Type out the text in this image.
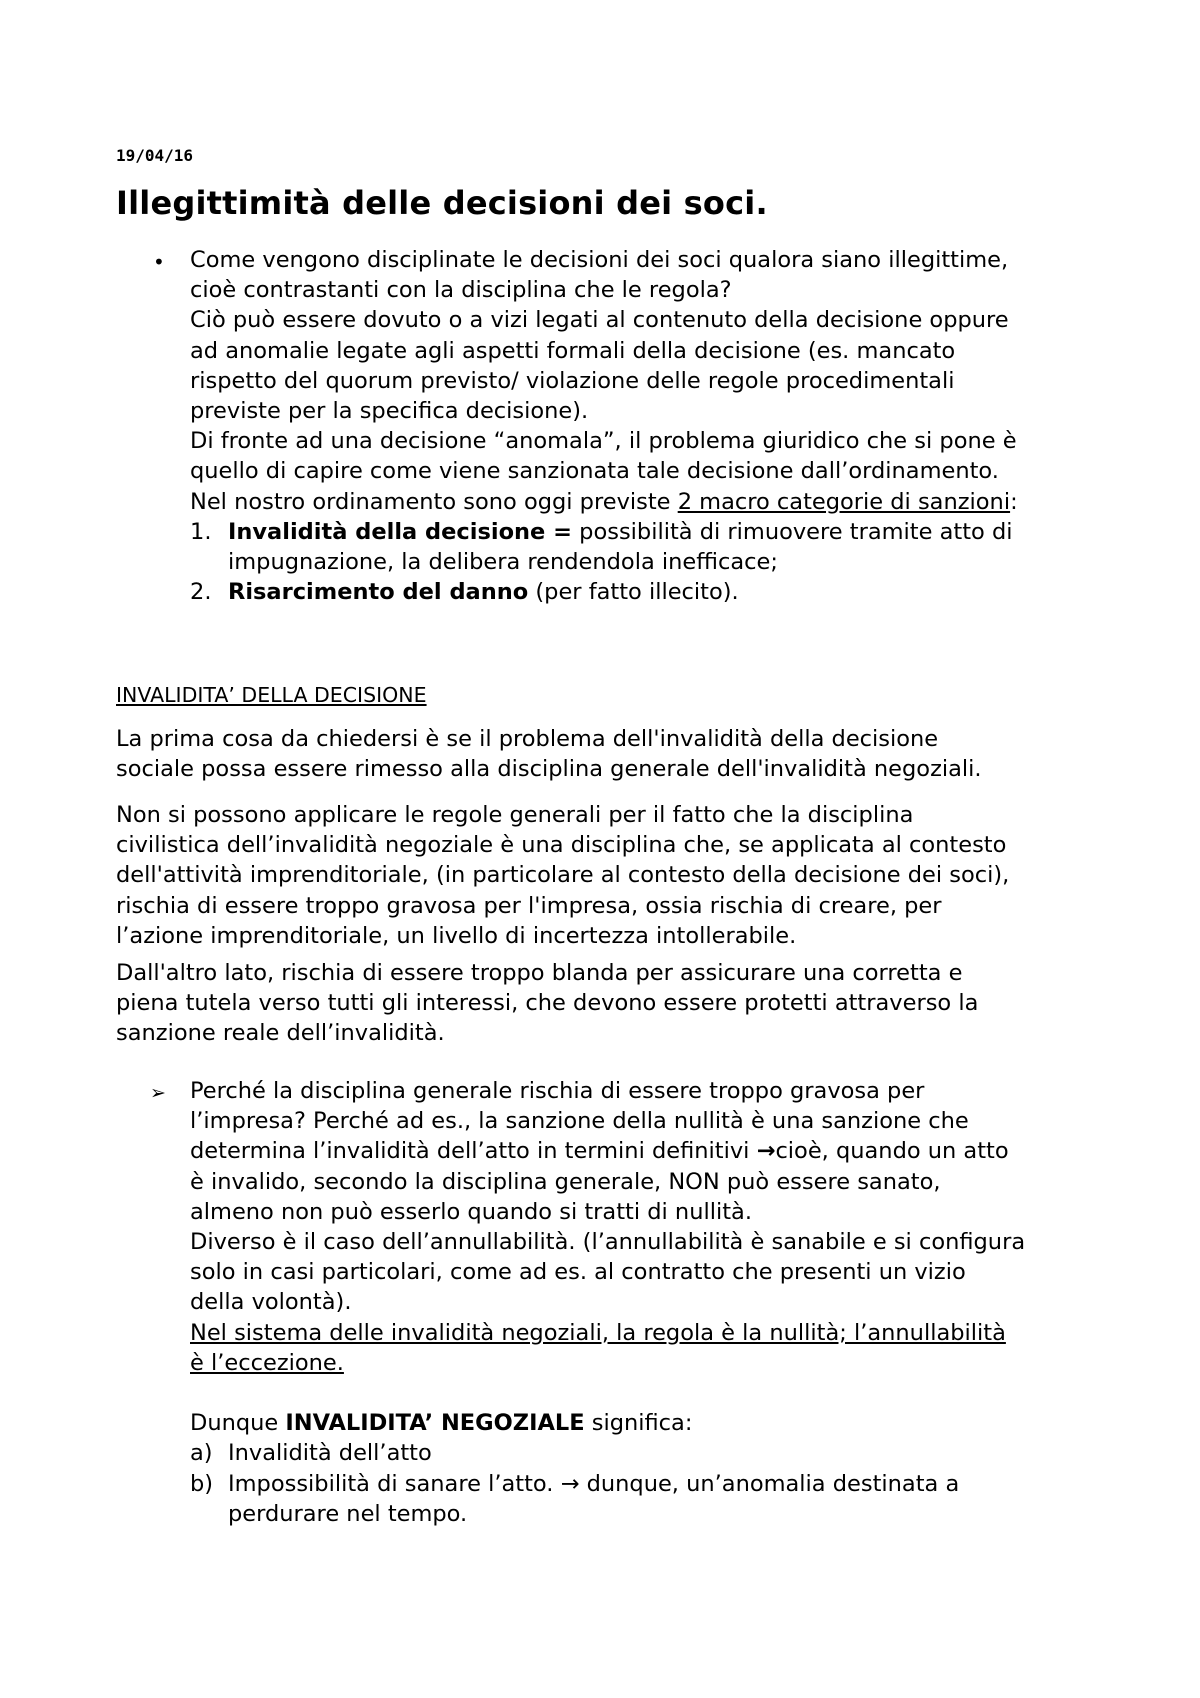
19/04/16
Illegittimità delle decisioni dei soci.
• Come vengono disciplinate le decisioni dei soci qualora siano illegittime,

cioè contrastanti con la disciplina che le regola?

Ciò può essere dovuto o a vizi legati al contenuto della decisione oppure

ad anomalie legate agli aspetti formali della decisione (es. mancato

rispetto del quorum previsto/ violazione delle regole procedimentali

previste per la specifica decisione).

Di fronte ad una decisione “anomala”, il problema giuridico che si pone è

quello di capire come viene sanzionata tale decisione dall’ordinamento.

Nel nostro ordinamento sono oggi previste 2 macro categorie di sanzioni:

1. Invalidità della decisione = possibilità di rimuovere tramite atto di

impugnazione, la delibera rendendola inefficace;

2. Risarcimento del danno (per fatto illecito).

INVALIDITA’ DELLA DECISIONE

La prima cosa da chiedersi è se il problema dell'invalidità della decisione

sociale possa essere rimesso alla disciplina generale dell'invalidità negoziali.

Non si possono applicare le regole generali per il fatto che la disciplina

civilistica dell’invalidità negoziale è una disciplina che, se applicata al contesto

dell'attività imprenditoriale, (in particolare al contesto della decisione dei soci),

rischia di essere troppo gravosa per l'impresa, ossia rischia di creare, per

l’azione imprenditoriale, un livello di incertezza intollerabile.

Dall'altro lato, rischia di essere troppo blanda per assicurare una corretta e

piena tutela verso tutti gli interessi, che devono essere protetti attraverso la

sanzione reale dell’invalidità.

➢ Perché la disciplina generale rischia di essere troppo gravosa per

l’impresa? Perché ad es., la sanzione della nullità è una sanzione che

determina l’invalidità dell’atto in termini definitivi →cioè, quando un atto

è invalido, secondo la disciplina generale, NON può essere sanato,

almeno non può esserlo quando si tratti di nullità.

Diverso è il caso dell’annullabilità. (l’annullabilità è sanabile e si configura

solo in casi particolari, come ad es. al contratto che presenti un vizio

della volontà).

Nel sistema delle invalidità negoziali, la regola è la nullità; l’annullabilità

è l’eccezione.

Dunque INVALIDITA’ NEGOZIALE significa:

a) Invalidità dell’atto

b) Impossibilità di sanare l’atto. → dunque, un’anomalia destinata a

perdurare nel tempo.
